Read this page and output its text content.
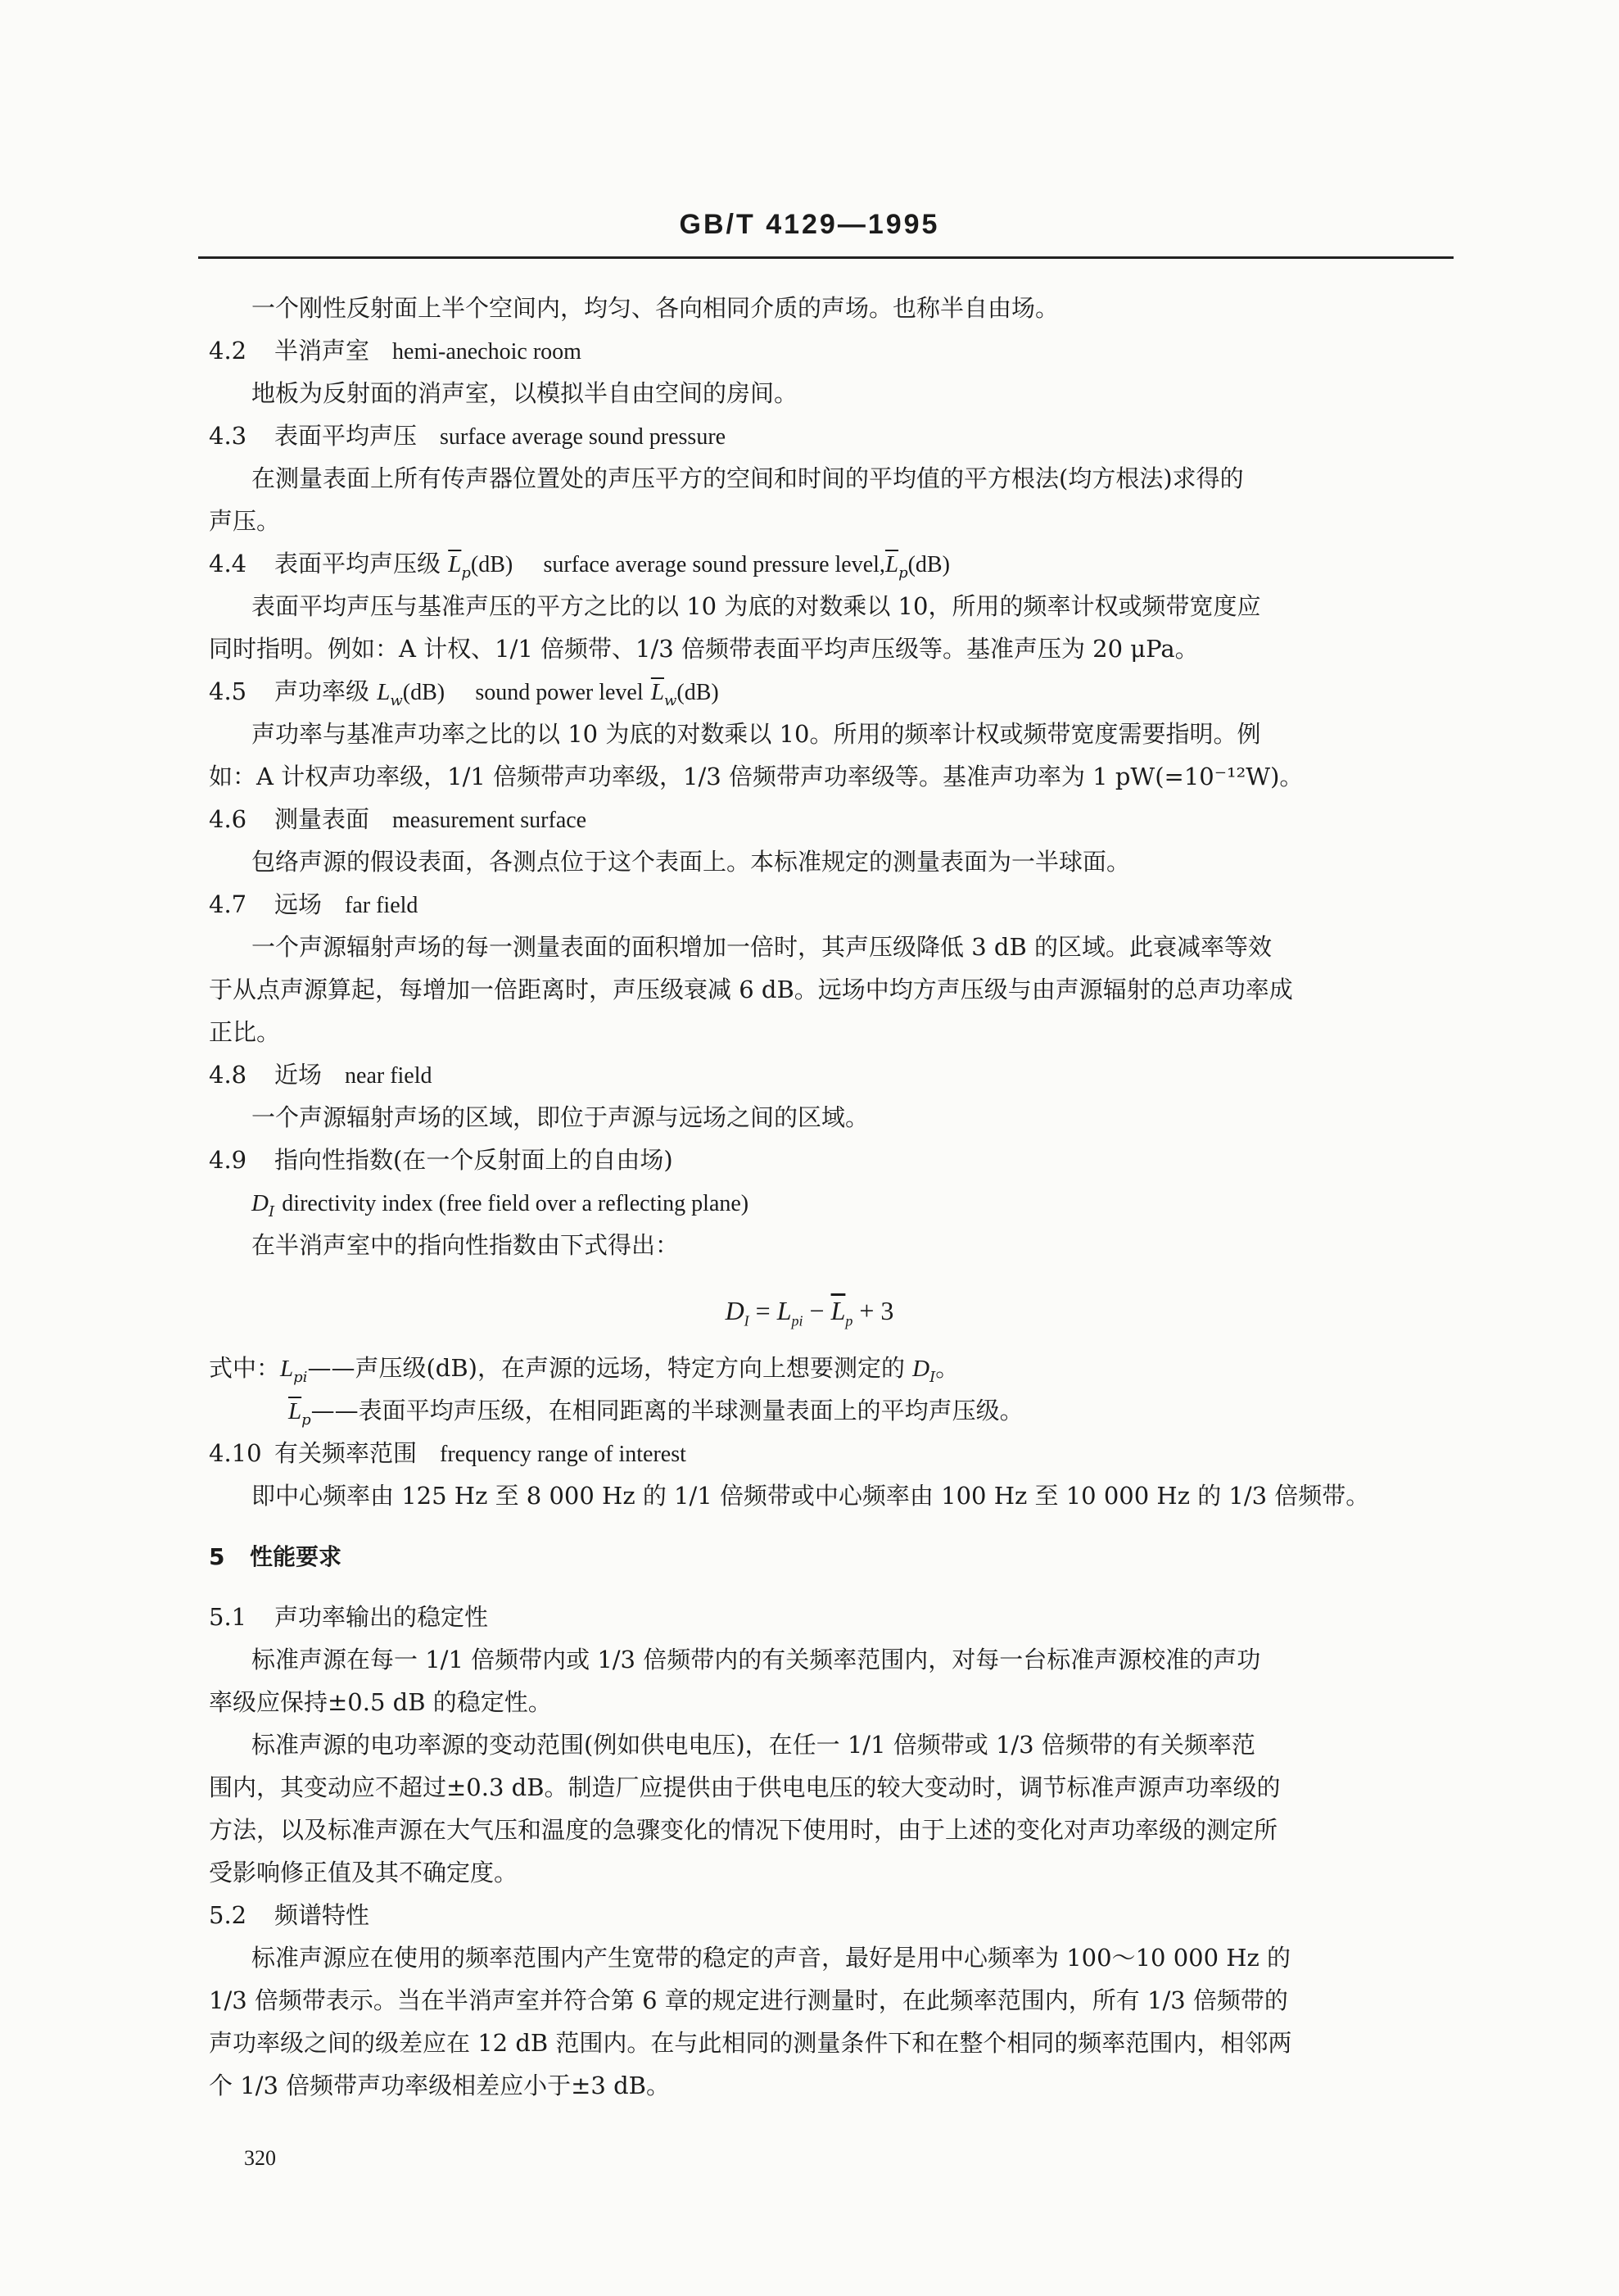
GB/T 4129—1995
一个刚性反射面上半个空间内，均匀、各向相同介质的声场。也称半自由场。
4.2 半消声室 hemi-anechoic room
地板为反射面的消声室，以模拟半自由空间的房间。
4.3 表面平均声压 surface average sound pressure
在测量表面上所有传声器位置处的声压平方的空间和时间的平均值的平方根法(均方根法)求得的
声压。
4.4 表面平均声压级 $\overline{L}_p(dB)$ surface average sound pressure $level,\overline{L}_p(dB)$
表面平均声压与基准声压的平方之比的以 10 为底的对数乘以 10，所用的频率计权或频带宽度应
同时指明。例如：A 计权、1/1 倍频带、1/3 倍频带表面平均声压级等。基准声压为 20 μPa。
4.5 声功率级 $L_w(dB)$ sound power level $\overline{L}_w(dB)$
声功率与基准声功率之比的以 10 为底的对数乘以 10。所用的频率计权或频带宽度需要指明。例
如：A 计权声功率级，1/1 倍频带声功率级，1/3 倍频带声功率级等。基准声功率为 1 pW(=10⁻¹²W)。
4.6 测量表面 measurement surface
包络声源的假设表面，各测点位于这个表面上。本标准规定的测量表面为一半球面。
4.7 远场 far field
一个声源辐射声场的每一测量表面的面积增加一倍时，其声压级降低 3 dB 的区域。此衰减率等效
于从点声源算起，每增加一倍距离时，声压级衰减 6 dB。远场中均方声压级与由声源辐射的总声功率成
正比。
4.8 近场 near field
一个声源辐射声场的区域，即位于声源与远场之间的区域。
4.9 指向性指数(在一个反射面上的自由场)
$D_I$ directivity index (free field over a reflecting plane)
在半消声室中的指向性指数由下式得出：
$D_I = L_{pi} - \overline{L}_p + 3$
式中：$L_{pi}——$声压级(dB)，在声源的远场，特定方向上想要测定的 $D_I$。
$\overline{L}_p——$表面平均声压级，在相同距离的半球测量表面上的平均声压级。
4.10 有关频率范围 frequency range of interest
即中心频率由 125 Hz 至 8 000 Hz 的 1/1 倍频带或中心频率由 100 Hz 至 10 000 Hz 的 1/3 倍频带。
5 性能要求
5.1 声功率输出的稳定性
标准声源在每一 1/1 倍频带内或 1/3 倍频带内的有关频率范围内，对每一台标准声源校准的声功
率级应保持±0.5 dB 的稳定性。
标准声源的电功率源的变动范围(例如供电电压)，在任一 1/1 倍频带或 1/3 倍频带的有关频率范
围内，其变动应不超过±0.3 dB。制造厂应提供由于供电电压的较大变动时，调节标准声源声功率级的
方法，以及标准声源在大气压和温度的急骤变化的情况下使用时，由于上述的变化对声功率级的测定所
受影响修正值及其不确定度。
5.2 频谱特性
标准声源应在使用的频率范围内产生宽带的稳定的声音，最好是用中心频率为 100～10 000 Hz 的
1/3 倍频带表示。当在半消声室并符合第 6 章的规定进行测量时，在此频率范围内，所有 1/3 倍频带的
声功率级之间的级差应在 12 dB 范围内。在与此相同的测量条件下和在整个相同的频率范围内，相邻两
个 1/3 倍频带声功率级相差应小于±3 dB。
320
